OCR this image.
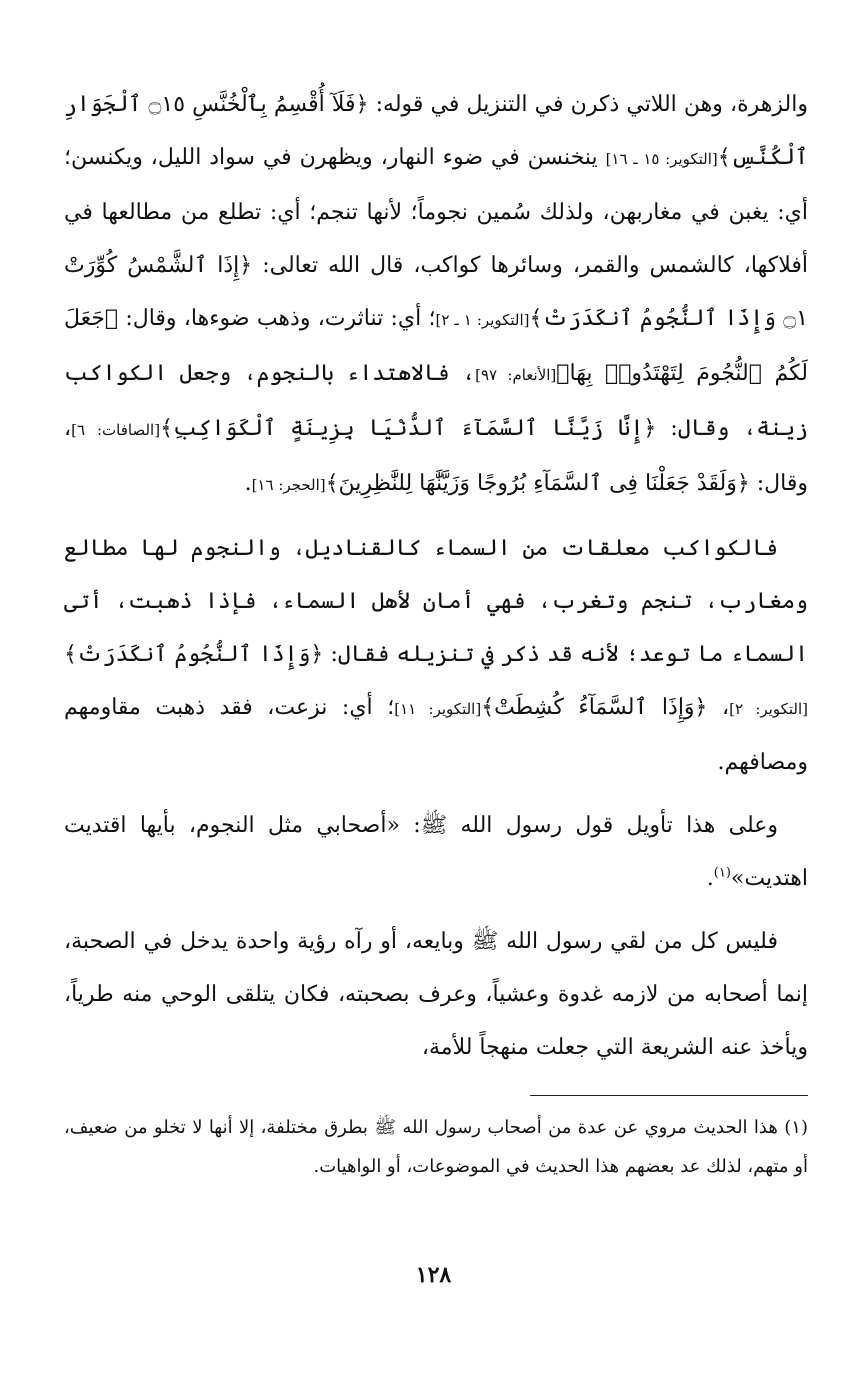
والزهرة، وهن اللاتي ذكرن في التنزيل في قوله: ﴿فَلَآ أُقْسِمُ بِٱلْخُنَّسِ ۝١٥ ٱلْجَوَارِ ٱلْكُنَّسِ﴾[التكوير: ١٥ ـ ١٦] ينخنسن في ضوء النهار، ويظهرن في سواد الليل، ويكنسن؛ أي: يغبن في مغاربهن، ولذلك سُمين نجوماً؛ لأنها تنجم؛ أي: تطلع من مطالعها في أفلاكها، كالشمس والقمر، وسائرها كواكب، قال الله تعالى: ﴿إِذَا ٱلشَّمْسُ كُوِّرَتْ ۝١ وَإِذَا ٱلنُّجُومُ ٱنكَدَرَتْ﴾[التكوير: ١ ـ ٢]؛ أي: تناثرت، وذهب ضوءها، وقال: ﴿جَعَلَ لَكُمُ ٱلنُّجُومَ لِتَهْتَدُوا۟ بِهَا﴾[الأنعام: ٩٧]، فالاهتداء بالنجوم، وجعل الكواكب زينة، وقال: ﴿إِنَّا زَيَّنَّا ٱلسَّمَآءَ ٱلدُّنْيَا بِزِينَةٍ ٱلْكَوَاكِبِ﴾[الصافات: ٦]، وقال: ﴿وَلَقَدْ جَعَلْنَا فِى ٱلسَّمَآءِ بُرُوجًا وَزَيَّنَّٰهَا لِلنَّٰظِرِينَ﴾[الحجر: ١٦].

فالكواكب معلقات من السماء كالقناديل، والنجوم لها مطالع ومغارب، تنجم وتغرب، فهي أمان لأهل السماء، فإذا ذهبت، أتى السماء ما توعد؛ لأنه قد ذكر في تنزيله فقال: ﴿وَإِذَا ٱلنُّجُومُ ٱنكَدَرَتْ﴾[التكوير: ٢]، ﴿وَإِذَا ٱلسَّمَآءُ كُشِطَتْ﴾[التكوير: ١١]؛ أي: نزعت، فقد ذهبت مقاومهم ومصافهم.

وعلى هذا تأويل قول رسول الله ﷺ: «أصحابي مثل النجوم، بأيها اقتديت اهتديت»$^{(١)}$.

فليس كل من لقي رسول الله ﷺ وبايعه، أو رآه رؤية واحدة يدخل في الصحبة، إنما أصحابه من لازمه غدوة وعشياً، وعرف بصحبته، فكان يتلقى الوحي منه طرياً، ويأخذ عنه الشريعة التي جعلت منهجاً للأمة،

(١) هذا الحديث مروي عن عدة من أصحاب رسول الله ﷺ بطرق مختلفة، إلا أنها لا تخلو من ضعيف، أو متهم، لذلك عد بعضهم هذا الحديث في الموضوعات، أو الواهيات.

١٢٨
